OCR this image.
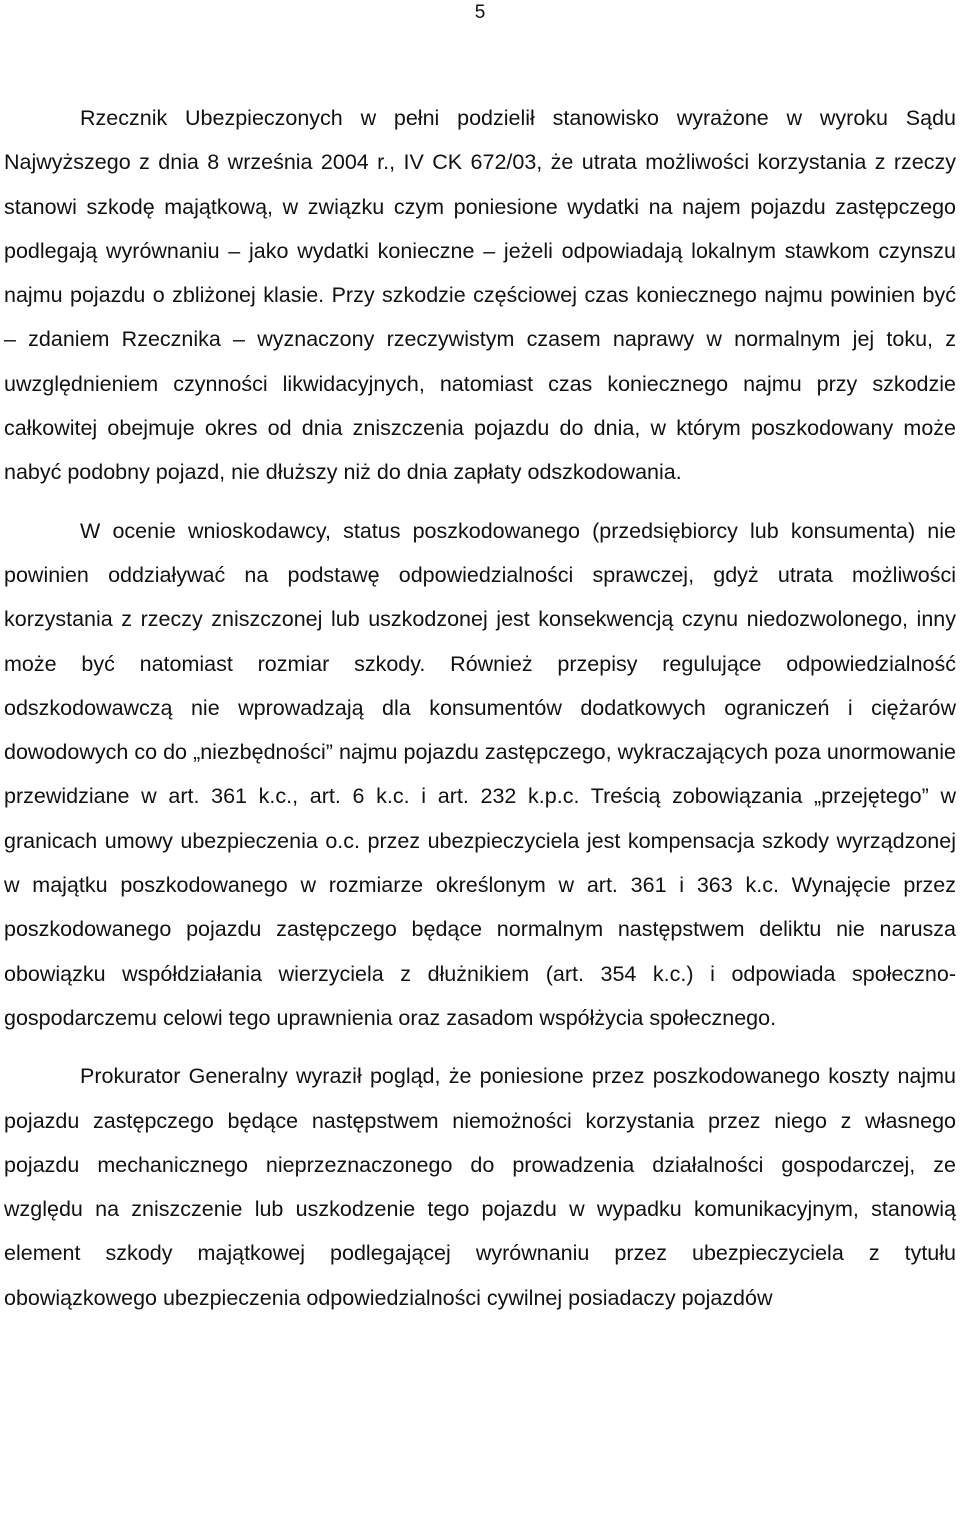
5

Rzecznik Ubezpieczonych w pełni podzielił stanowisko wyrażone w wyroku Sądu Najwyższego z dnia 8 września 2004 r., IV CK 672/03, że utrata możliwości korzystania z rzeczy stanowi szkodę majątkową, w związku czym poniesione wydatki na najem pojazdu zastępczego podlegają wyrównaniu – jako wydatki konieczne – jeżeli odpowiadają lokalnym stawkom czynszu najmu pojazdu o zbliżonej klasie. Przy szkodzie częściowej czas koniecznego najmu powinien być – zdaniem Rzecznika – wyznaczony rzeczywistym czasem naprawy w normalnym jej toku, z uwzględnieniem czynności likwidacyjnych, natomiast czas koniecznego najmu przy szkodzie całkowitej obejmuje okres od dnia zniszczenia pojazdu do dnia, w którym poszkodowany może nabyć podobny pojazd, nie dłuższy niż do dnia zapłaty odszkodowania.

W ocenie wnioskodawcy, status poszkodowanego (przedsiębiorcy lub konsumenta) nie powinien oddziaływać na podstawę odpowiedzialności sprawczej, gdyż utrata możliwości korzystania z rzeczy zniszczonej lub uszkodzonej jest konsekwencją czynu niedozwolonego, inny może być natomiast rozmiar szkody. Również przepisy regulujące odpowiedzialność odszkodowawczą nie wprowadzają dla konsumentów dodatkowych ograniczeń i ciężarów dowodowych co do „niezbędności” najmu pojazdu zastępczego, wykraczających poza unormowanie przewidziane w art. 361 k.c., art. 6 k.c. i art. 232 k.p.c. Treścią zobowiązania „przejętego” w granicach umowy ubezpieczenia o.c. przez ubezpieczyciela jest kompensacja szkody wyrządzonej w majątku poszkodowanego w rozmiarze określonym w art. 361 i 363 k.c. Wynajęcie przez poszkodowanego pojazdu zastępczego będące normalnym następstwem deliktu nie narusza obowiązku współdziałania wierzyciela z dłużnikiem (art. 354 k.c.) i odpowiada społeczno-gospodarczemu celowi tego uprawnienia oraz zasadom współżycia społecznego.

Prokurator Generalny wyraził pogląd, że poniesione przez poszkodowanego koszty najmu pojazdu zastępczego będące następstwem niemożności korzystania przez niego z własnego pojazdu mechanicznego nieprzeznaczonego do prowadzenia działalności gospodarczej, ze względu na zniszczenie lub uszkodzenie tego pojazdu w wypadku komunikacyjnym, stanowią element szkody majątkowej podlegającej wyrównaniu przez ubezpieczyciela z tytułu obowiązkowego ubezpieczenia odpowiedzialności cywilnej posiadaczy pojazdów
